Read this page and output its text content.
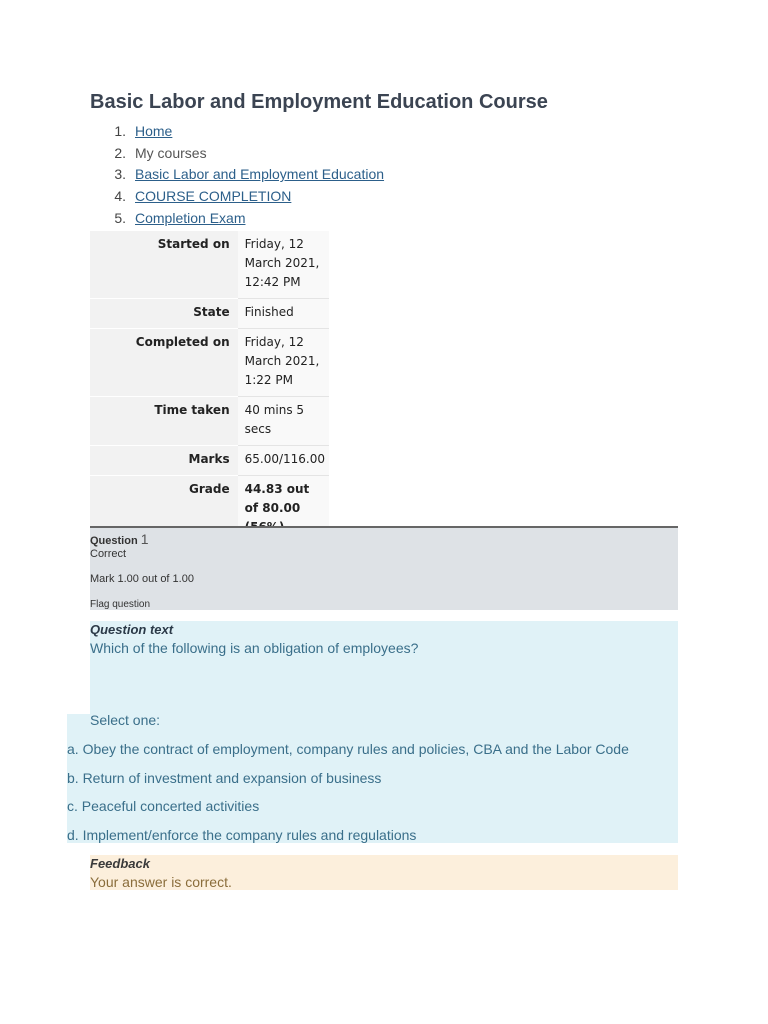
Basic Labor and Employment Education Course
1. Home
2. My courses
3. Basic Labor and Employment Education
4. COURSE COMPLETION
5. Completion Exam
Started on	Friday, 12 March 2021, 12:42 PM
State	Finished
Completed on	Friday, 12 March 2021, 1:22 PM
Time taken	40 mins 5 secs
Marks	65.00/116.00
Grade	44.83 out of 80.00
Question 1
Correct
Mark 1.00 out of 1.00
Flag question
Question text
Which of the following is an obligation of employees?
Select one:
a. Obey the contract of employment, company rules and policies, CBA and the Labor Code
b. Return of investment and expansion of business
c. Peaceful concerted activities
d. Implement/enforce the company rules and regulations
Feedback
Your answer is correct.
